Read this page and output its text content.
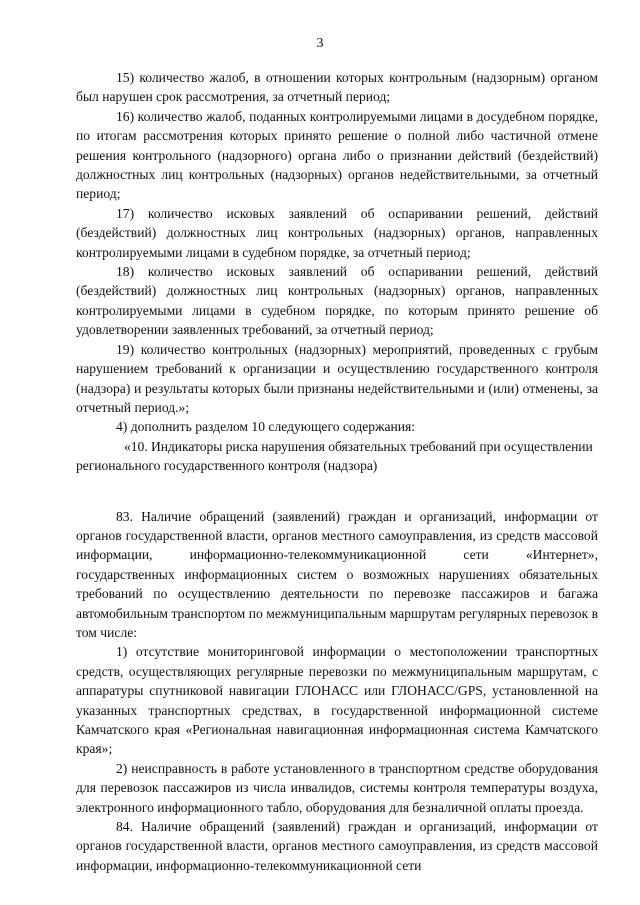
3

15) количество жалоб, в отношении которых контрольным (надзорным) органом был нарушен срок рассмотрения, за отчетный период;

16) количество жалоб, поданных контролируемыми лицами в досудебном порядке, по итогам рассмотрения которых принято решение о полной либо частичной отмене решения контрольного (надзорного) органа либо о признании действий (бездействий) должностных лиц контрольных (надзорных) органов недействительными, за отчетный период;

17) количество исковых заявлений об оспаривании решений, действий (бездействий) должностных лиц контрольных (надзорных) органов, направленных контролируемыми лицами в судебном порядке, за отчетный период;

18) количество исковых заявлений об оспаривании решений, действий (бездействий) должностных лиц контрольных (надзорных) органов, направленных контролируемыми лицами в судебном порядке, по которым принято решение об удовлетворении заявленных требований, за отчетный период;

19) количество контрольных (надзорных) мероприятий, проведенных с грубым нарушением требований к организации и осуществлению государственного контроля (надзора) и результаты которых были признаны недействительными и (или) отменены, за отчетный период.»;

4) дополнить разделом 10 следующего содержания:

«10. Индикаторы риска нарушения обязательных требований при осуществлении регионального государственного контроля (надзора)

83. Наличие обращений (заявлений) граждан и организаций, информации от органов государственной власти, органов местного самоуправления, из средств массовой информации, информационно-телекоммуникационной сети «Интернет», государственных информационных систем о возможных нарушениях обязательных требований по осуществлению деятельности по перевозке пассажиров и багажа автомобильным транспортом по межмуниципальным маршрутам регулярных перевозок в том числе:

1) отсутствие мониторинговой информации о местоположении транспортных средств, осуществляющих регулярные перевозки по межмуниципальным маршрутам, с аппаратуры спутниковой навигации ГЛОНАСС или ГЛОНАСС/GPS, установленной на указанных транспортных средствах, в государственной информационной системе Камчатского края «Региональная навигационная информационная система Камчатского края»;

2) неисправность в работе установленного в транспортном средстве оборудования для перевозок пассажиров из числа инвалидов, системы контроля температуры воздуха, электронного информационного табло, оборудования для безналичной оплаты проезда.

84. Наличие обращений (заявлений) граждан и организаций, информации от органов государственной власти, органов местного самоуправления, из средств массовой информации, информационно-телекоммуникационной сети
